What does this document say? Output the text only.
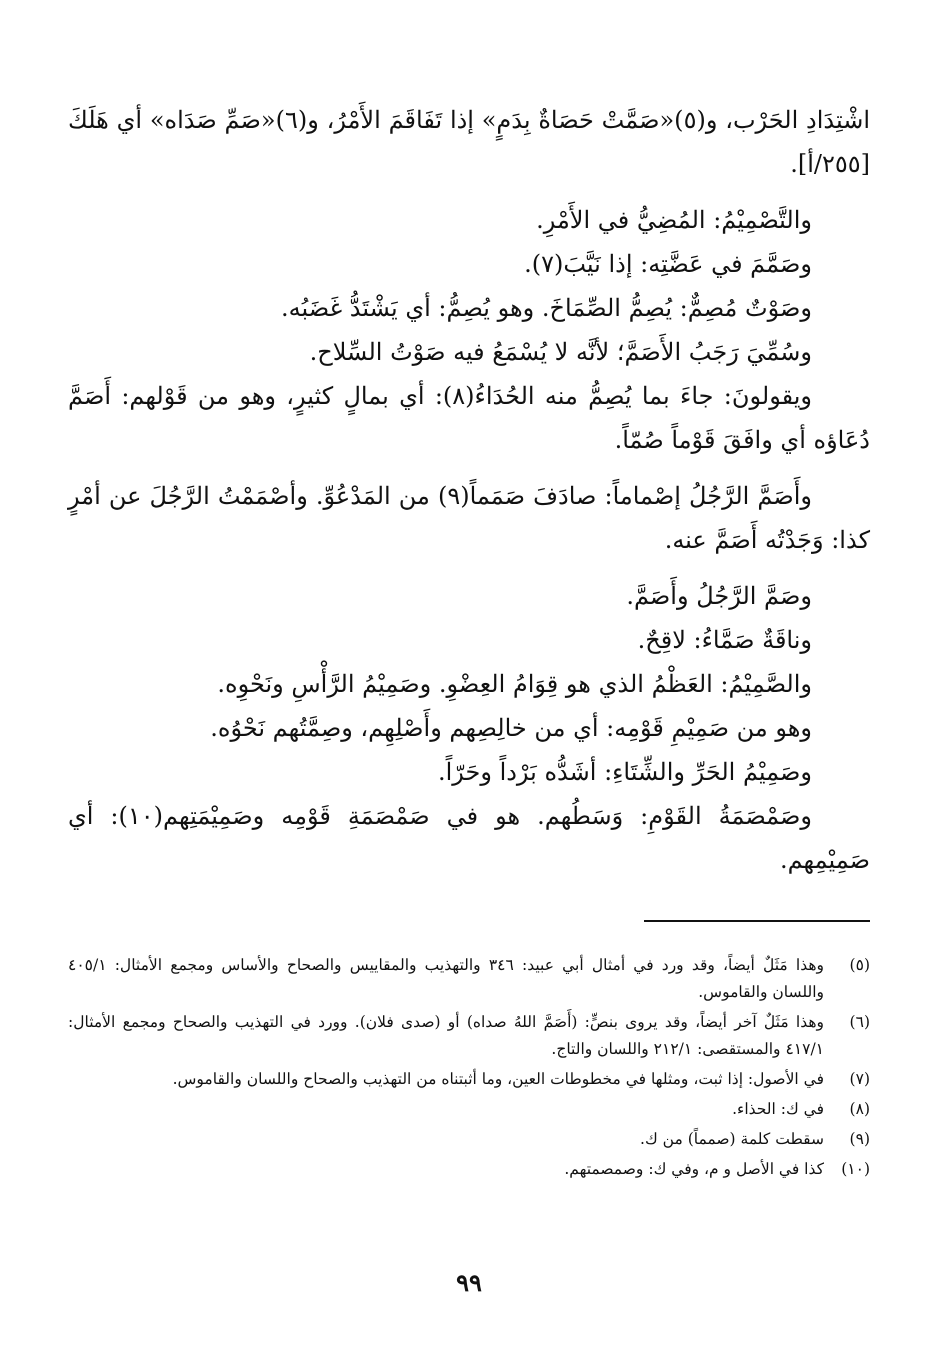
اشْتِدَادِ الحَرْب، و(٥)«صَمَّتْ حَصَاةٌ بِدَمٍ» إذا تَفَاقَمَ الأَمْرُ، و(٦)«صَمِّ صَدَاه» أي هَلَكَ [٢٥٥/أ].

والتَّصْمِيْمُ: المُضِيُّ في الأَمْرِ.

وصَمَّمَ في عَضَّتِه: إذا نَيَّبَ(٧).

وصَوْتٌ مُصِمٌّ: يُصِمُّ الصِّمَاخَ. وهو يُصِمُّ: أي يَشْتَدُّ غَضَبُه.

وسُمِّيَ رَجَبُ الأَصَمَّ؛ لأنَّه لا يُسْمَعُ فيه صَوْتُ السِّلاح.

ويقولونَ: جاءَ بما يُصِمُّ منه الحُدَاءُ(٨): أي بمالٍ كثيرٍ، وهو من قَوْلهم: أَصَمَّ دُعَاؤه أي وافَقَ قَوْماً صُمّاً.

وأَصَمَّ الرَّجُلُ إصْماماً: صادَفَ صَمَماً(٩) من المَدْعُوِّ. وأصْمَمْتُ الرَّجُلَ عن أمْرٍ كذا: وَجَدْتُه أَصَمَّ عنه.

وصَمَّ الرَّجُلُ وأَصَمَّ.

وناقَةٌ صَمَّاءُ: لاقِحٌ.

والصَّمِيْمُ: العَظْمُ الذي هو قِوَامُ العِضْوِ. وصَمِيْمُ الرَّأْسِ ونَحْوِه.

وهو من صَمِيْمِ قَوْمِه: أي من خالِصِهم وأَصْلِهِم، وصِمَّتُهم نَحْوُه.

وصَمِيْمُ الحَرِّ والشِّتَاءِ: أشَدُّه بَرْداً وحَرّاً.

وصَمْصَمَةُ القَوْمِ: وَسَطُهم. هو في صَمْصَمَةِ قَوْمِه وصَمِيْمَتِهم(١٠): أي صَمِيْمِهم.

(٥)
وهذا مَثَلٌ أيضاً، وقد ورد في أمثال أبي عبيد: ٣٤٦ والتهذيب والمقاييس والصحاح والأساس ومجمع الأمثال: ٤٠٥/١ واللسان والقاموس.
(٦)
وهذا مَثَلٌ آخر أيضاً، وقد يروى بنصٍّ: (أَصَمَّ اللهُ صداه) أو (صدى فلان). وورد في التهذيب والصحاح ومجمع الأمثال: ٤١٧/١ والمستقصى: ٢١٢/١ واللسان والتاج.
(٧)
في الأصول: إذا ثبت، ومثلها في مخطوطات العين، وما أثبتناه من التهذيب والصحاح واللسان والقاموس.
(٨)
في ك: الحذاء.
(٩)
سقطت كلمة (صمماً) من ك.
(١٠)
كذا في الأصل و م، وفي ك: وصمصمتهم.
٩٩
